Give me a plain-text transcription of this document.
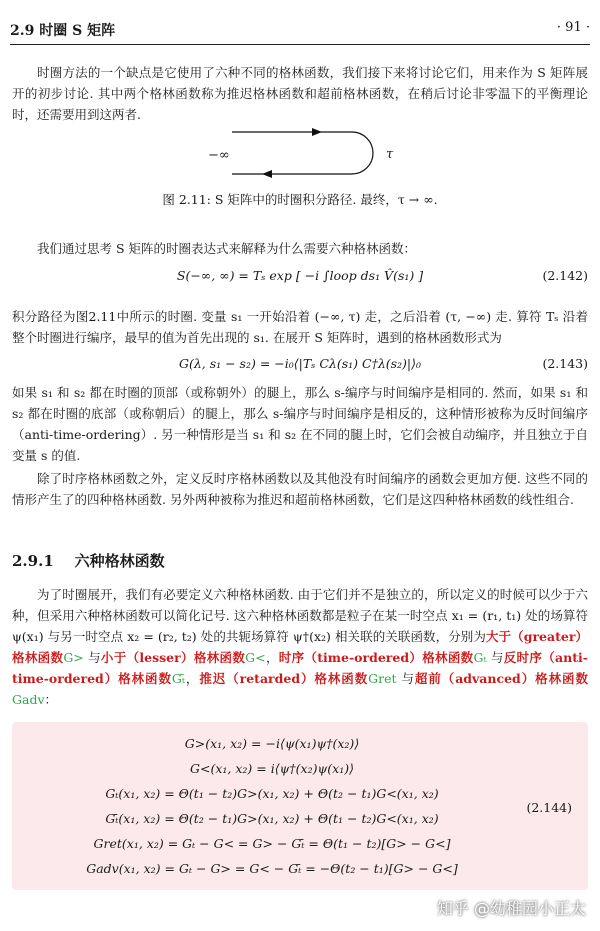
2.9 时圈 S 矩阵	· 91 ·
时圈方法的一个缺点是它使用了六种不同的格林函数，我们接下来将讨论它们，用来作为 S 矩阵展开的初步讨论. 其中两个格林函数称为推迟格林函数和超前格林函数，在稍后讨论非零温下的平衡理论时，还需要用到这两者.
−∞	τ
图 2.11: S 矩阵中的时圈积分路径. 最终，τ → ∞.
我们通过思考 S 矩阵的时圈表达式来解释为什么需要六种格林函数：
S(−∞, ∞) = Tₛ exp [ −i ∫loop ds₁ V̂(s₁) ]	(2.142)
积分路径为图2.11中所示的时圈. 变量 s₁ 一开始沿着 (−∞, τ) 走，之后沿着 (τ, −∞) 走. 算符 Tₛ 沿着整个时圈进行编序，最早的值为首先出现的 s₁. 在展开 S 矩阵时，遇到的格林函数形式为
G(λ, s₁ − s₂) = −i₀⟨|Tₛ Cλ(s₁) C†λ(s₂)|⟩₀	(2.143)
如果 s₁ 和 s₂ 都在时圈的顶部（或称朝外）的腿上，那么 s-编序与时间编序是相同的. 然而，如果 s₁ 和 s₂ 都在时圈的底部（或称朝后）的腿上，那么 s-编序与时间编序是相反的，这种情形被称为反时间编序（anti-time-ordering）. 另一种情形是当 s₁ 和 s₂ 在不同的腿上时，它们会被自动编序，并且独立于自变量 s 的值.
除了时序格林函数之外，定义反时序格林函数以及其他没有时间编序的函数会更加方便. 这些不同的情形产生了的四种格林函数. 另外两种被称为推迟和超前格林函数，它们是这四种格林函数的线性组合.
2.9.1 六种格林函数
为了时圈展开，我们有必要定义六种格林函数. 由于它们并不是独立的，所以定义的时候可以少于六种，但采用六种格林函数可以简化记号. 这六种格林函数都是粒子在某一时空点 x₁ = (r₁, t₁) 处的场算符 ψ(x₁) 与另一时空点 x₂ = (r₂, t₂) 处的共轭场算符 ψ†(x₂) 相关联的关联函数，分别为大于（greater）格林函数G> 与小于（lesser）格林函数G<，时序（time-ordered）格林函数Gₜ 与反时序（anti-time-ordered）格林函数Gₜ̄，推迟（retarded）格林函数Gret 与超前（advanced）格林函数Gadv：
G>(x₁, x₂) = −i⟨ψ(x₁)ψ†(x₂)⟩
G<(x₁, x₂) = i⟨ψ†(x₂)ψ(x₁)⟩
Gₜ(x₁, x₂) = Θ(t₁ − t₂)G>(x₁, x₂) + Θ(t₂ − t₁)G<(x₁, x₂)
Gₜ̄(x₁, x₂) = Θ(t₂ − t₁)G>(x₁, x₂) + Θ(t₁ − t₂)G<(x₁, x₂)
Gret(x₁, x₂) = Gₜ − G< = G> − Gₜ̄ = Θ(t₁ − t₂)[G> − G<]
Gadv(x₁, x₂) = Gₜ − G> = G< − Gₜ̄ = −Θ(t₂ − t₁)[G> − G<]
(2.144)
知乎 @幼稚园小正太
